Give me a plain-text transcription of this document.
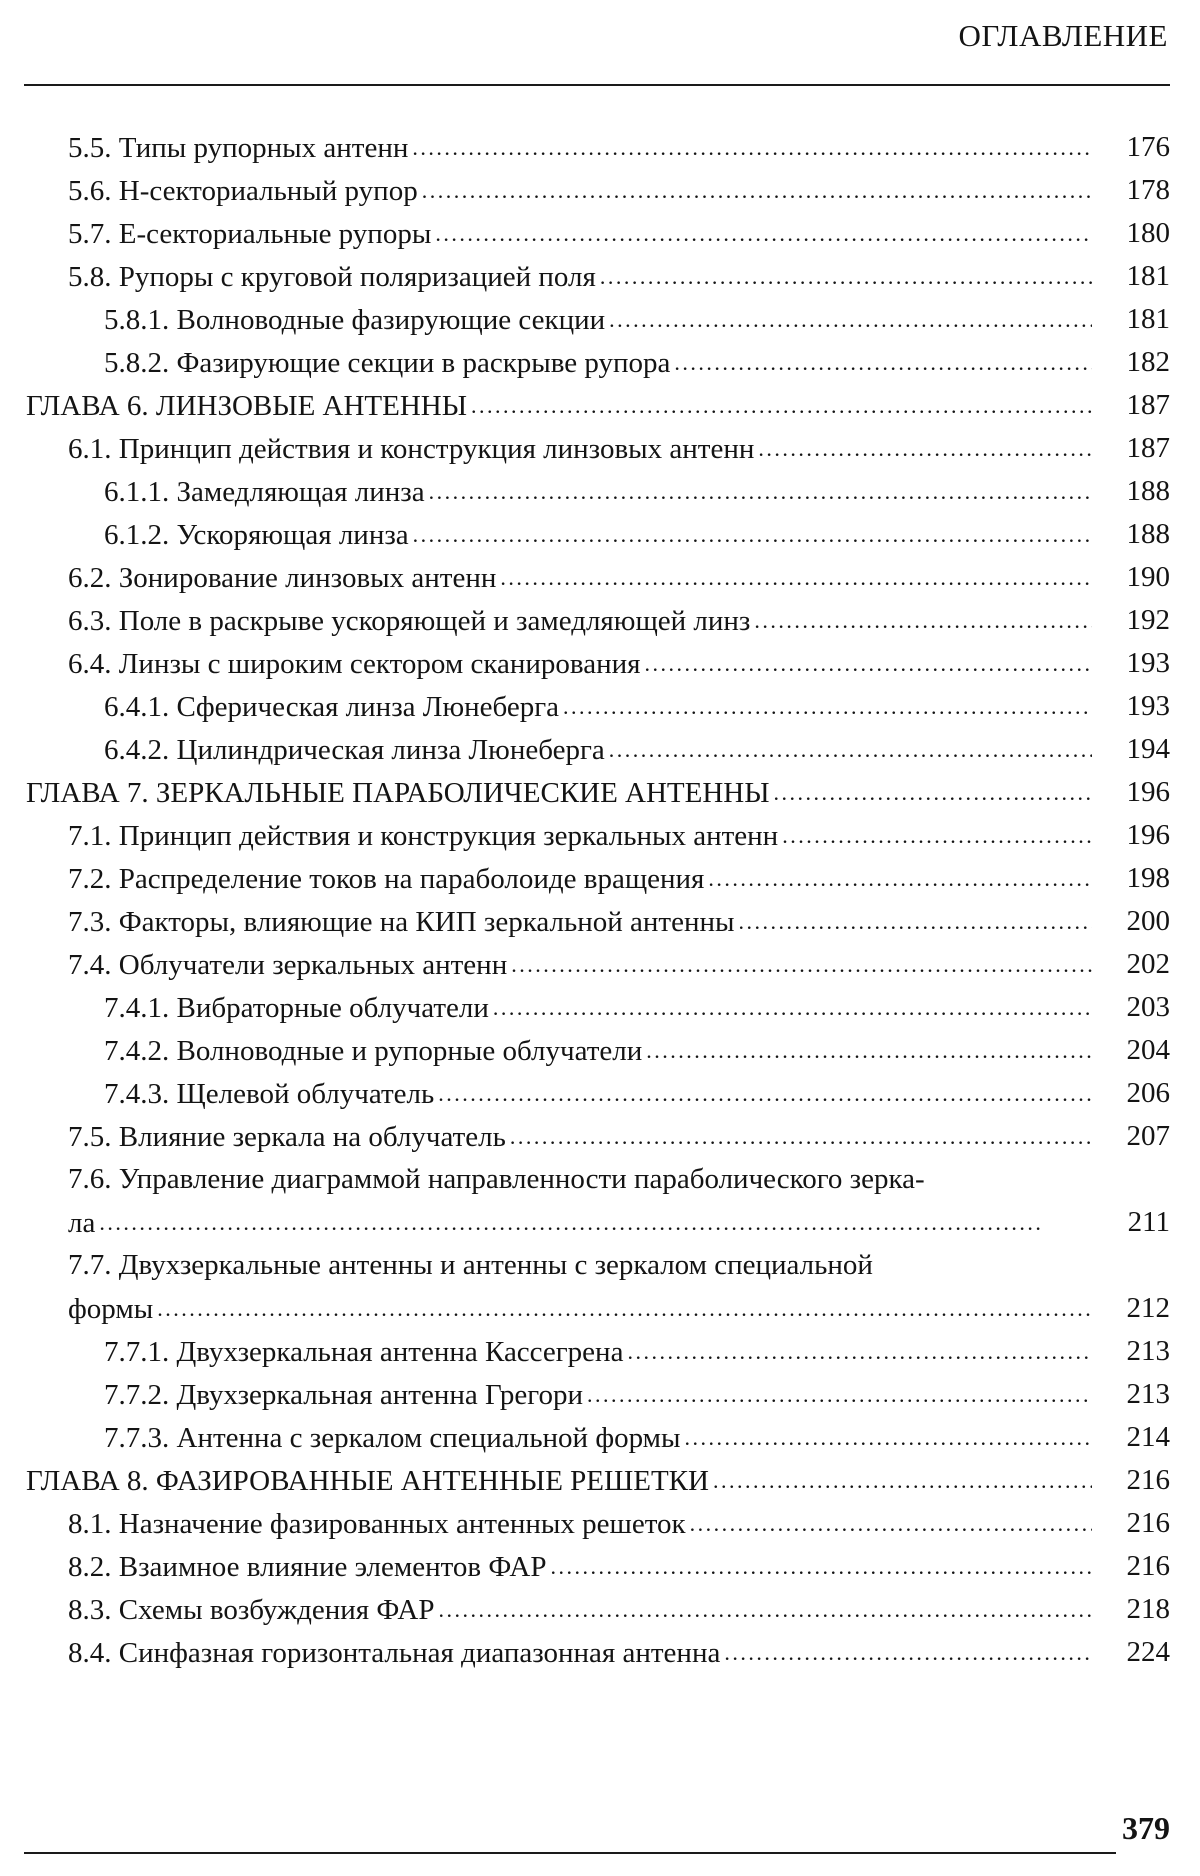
ОГЛАВЛЕНИЕ
5.5. Типы рупорных антенн . . .	176
5.6. Н-секториальный рупор . . .	178
5.7. Е-секториальные рупоры . . .	180
5.8. Рупоры с круговой поляризацией поля . . .	181
5.8.1. Волноводные фазирующие секции . . .	181
5.8.2. Фазирующие секции в раскрыве рупора . . .	182
ГЛАВА 6. ЛИНЗОВЫЕ АНТЕННЫ . . .	187
6.1. Принцип действия и конструкция линзовых антенн . . .	187
6.1.1. Замедляющая линза . . .	188
6.1.2. Ускоряющая линза . . .	188
6.2. Зонирование линзовых антенн . . .	190
6.3. Поле в раскрыве ускоряющей и замедляющей линз . . .	192
6.4. Линзы с широким сектором сканирования . . .	193
6.4.1. Сферическая линза Люнеберга . . .	193
6.4.2. Цилиндрическая линза Люнеберга . . .	194
ГЛАВА 7. ЗЕРКАЛЬНЫЕ ПАРАБОЛИЧЕСКИЕ АНТЕННЫ . . .	196
7.1. Принцип действия и конструкция зеркальных антенн . . .	196
7.2. Распределение токов на параболоиде вращения . . .	198
7.3. Факторы, влияющие на КИП зеркальной антенны . . .	200
7.4. Облучатели зеркальных антенн . . .	202
7.4.1. Вибраторные облучатели . . .	203
7.4.2. Волноводные и рупорные облучатели . . .	204
7.4.3. Щелевой облучатель . . .	206
7.5. Влияние зеркала на облучатель . . .	207
7.6. Управление диаграммой направленности параболического зерка-
ла . . .	211
7.7. Двухзеркальные антенны и антенны с зеркалом специальной
формы . . .	212
7.7.1. Двухзеркальная антенна Кассегрена . . .	213
7.7.2. Двухзеркальная антенна Грегори . . .	213
7.7.3. Антенна с зеркалом специальной формы . . .	214
ГЛАВА 8. ФАЗИРОВАННЫЕ АНТЕННЫЕ РЕШЕТКИ . . .	216
8.1. Назначение фазированных антенных решеток . . .	216
8.2. Взаимное влияние элементов ФАР . . .	216
8.3. Схемы возбуждения ФАР . . .	218
8.4. Синфазная горизонтальная диапазонная антенна . . .	224
379
